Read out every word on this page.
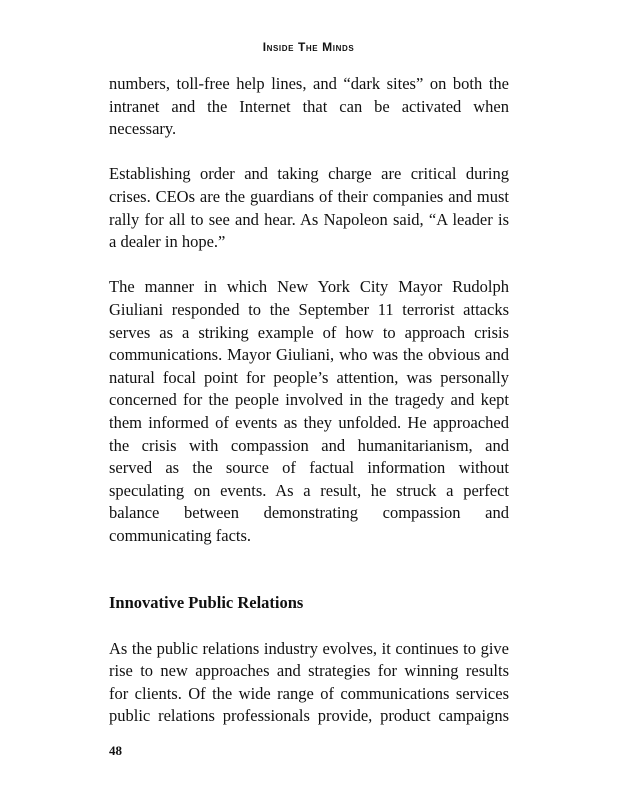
Inside The Minds

numbers, toll-free help lines, and “dark sites” on both the
intranet and the Internet that can be activated when
necessary.

Establishing order and taking charge are critical during
crises. CEOs are the guardians of their companies and must
rally for all to see and hear. As Napoleon said, “A leader is
a dealer in hope.”

The manner in which New York City Mayor Rudolph
Giuliani responded to the September 11 terrorist attacks
serves as a striking example of how to approach crisis
communications. Mayor Giuliani, who was the obvious and
natural focal point for people’s attention, was personally
concerned for the people involved in the tragedy and kept
them informed of events as they unfolded. He approached
the crisis with compassion and humanitarianism, and
served as the source of factual information without
speculating on events. As a result, he struck a perfect
balance between demonstrating compassion and
communicating facts.

Innovative Public Relations

As the public relations industry evolves, it continues to give
rise to new approaches and strategies for winning results
for clients. Of the wide range of communications services
public relations professionals provide, product campaigns

48
